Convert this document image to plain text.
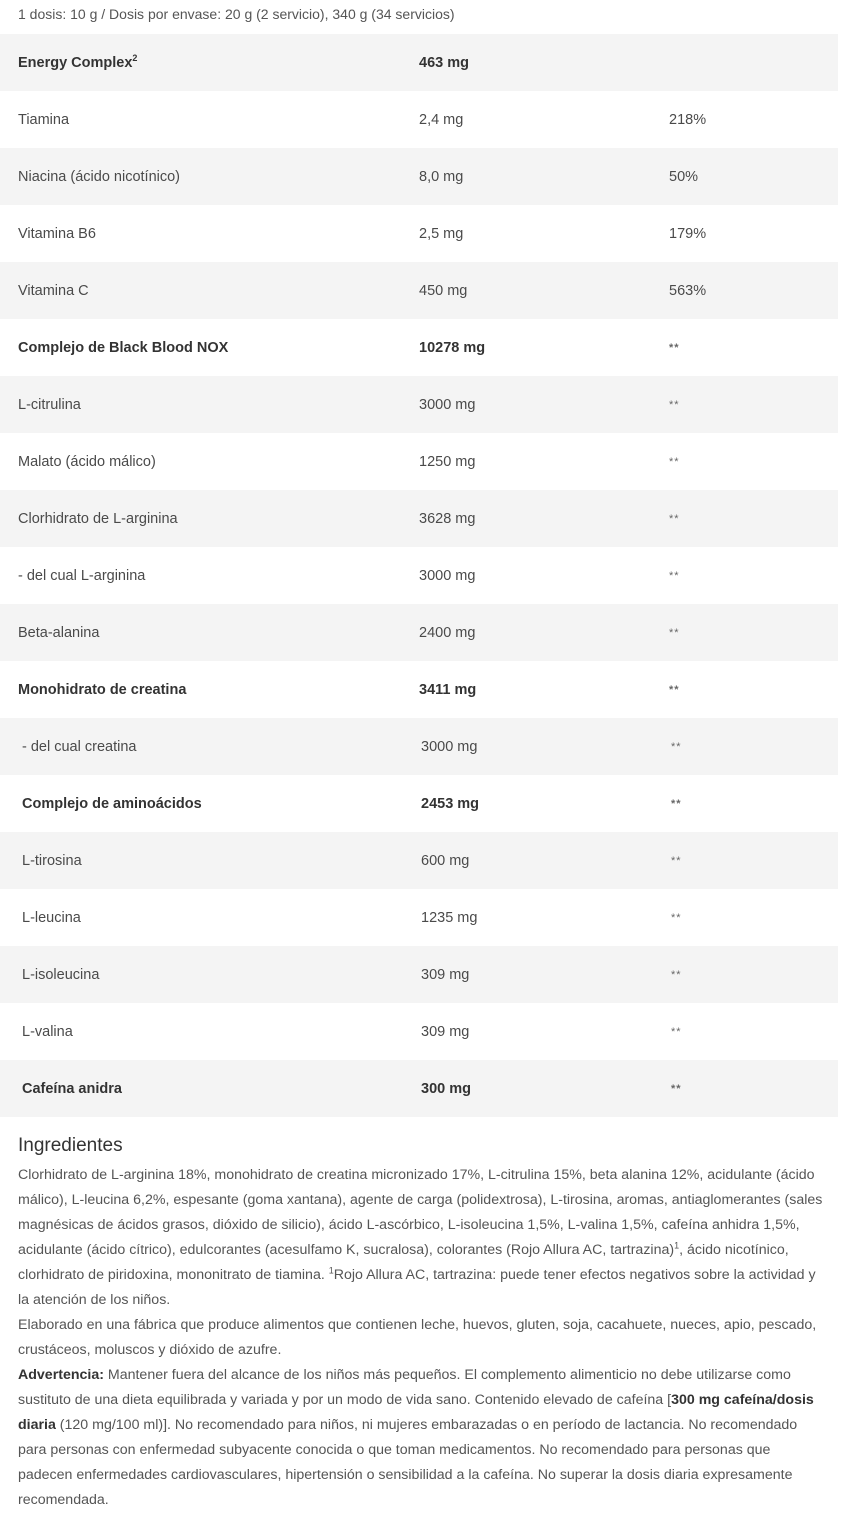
1 dosis: 10 g / Dosis por envase: 20 g (2 servicio), 340 g (34 servicios)
Energy Complex$^2$	463 mg
Tiamina	2,4 mg	218%
Niacina (ácido nicotínico)	8,0 mg	50%
Vitamina B6	2,5 mg	179%
Vitamina C	450 mg	563%
Complejo de Black Blood NOX	10278 mg	**
L-citrulina	3000 mg	**
Malato (ácido málico)	1250 mg	**
Clorhidrato de L-arginina	3628 mg	**
- del cual L-arginina	3000 mg	**
Beta-alanina	2400 mg	**
Monohidrato de creatina	3411 mg	**
- del cual creatina	3000 mg	**
Complejo de aminoácidos	2453 mg	**
L-tirosina	600 mg	**
L-leucina	1235 mg	**
L-isoleucina	309 mg	**
L-valina	309 mg	**
Cafeína anidra	300 mg	**
Ingredientes

Clorhidrato de L-arginina 18%, monohidrato de creatina micronizado 17%, L-citrulina 15%, beta alanina 12%, acidulante (ácido málico), L-leucina 6,2%, espesante (goma xantana), agente de carga (polidextrosa), L-tirosina, aromas, antiaglomerantes (sales magnésicas de ácidos grasos, dióxido de silicio), ácido L-ascórbico, L-isoleucina 1,5%, L-valina 1,5%, cafeína anhidra 1,5%, acidulante (ácido cítrico), edulcorantes (acesulfamo K, sucralosa), colorantes (Rojo Allura AC, tartrazina)$^1$, ácido nicotínico, clorhidrato de piridoxina, mononitrato de tiamina. $^1$Rojo Allura AC, tartrazina: puede tener efectos negativos sobre la actividad y la atención de los niños.

Elaborado en una fábrica que produce alimentos que contienen leche, huevos, gluten, soja, cacahuete, nueces, apio, pescado, crustáceos, moluscos y dióxido de azufre.

Advertencia: Mantener fuera del alcance de los niños más pequeños. El complemento alimenticio no debe utilizarse como sustituto de una dieta equilibrada y variada y por un modo de vida sano. Contenido elevado de cafeína [300 mg cafeína/dosis diaria (120 mg/100 ml)]. No recomendado para niños, ni mujeres embarazadas o en período de lactancia. No recomendado para personas con enfermedad subyacente conocida o que toman medicamentos. No recomendado para personas que padecen enfermedades cardiovasculares, hipertensión o sensibilidad a la cafeína. No superar la dosis diaria expresamente recomendada.
